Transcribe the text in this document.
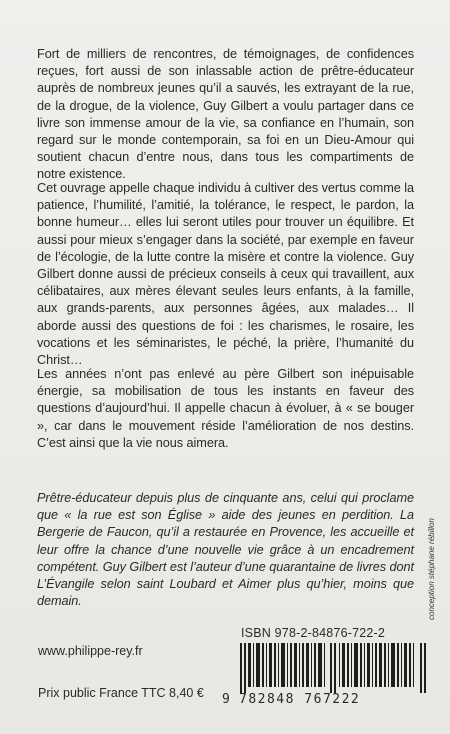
Fort de milliers de rencontres, de témoignages, de confidences reçues, fort aussi de son inlassable action de prêtre-éducateur auprès de nombreux jeunes qu’il a sauvés, les extrayant de la rue, de la drogue, de la violence, Guy Gilbert a voulu partager dans ce livre son immense amour de la vie, sa confiance en l’humain, son regard sur le monde contemporain, sa foi en un Dieu-Amour qui soutient chacun d’entre nous, dans tous les compartiments de notre existence.
Cet ouvrage appelle chaque individu à cultiver des vertus comme la patience, l’humilité, l’amitié, la tolérance, le respect, le pardon, la bonne humeur… elles lui seront utiles pour trouver un équilibre. Et aussi pour mieux s’engager dans la société, par exemple en faveur de l’écologie, de la lutte contre la misère et contre la violence. Guy Gilbert donne aussi de précieux conseils à ceux qui travaillent, aux célibataires, aux mères élevant seules leurs enfants, à la famille, aux grands-parents, aux personnes âgées, aux malades… Il aborde aussi des questions de foi : les charismes, le rosaire, les vocations et les séminaristes, le péché, la prière, l’humanité du Christ…
Les années n’ont pas enlevé au père Gilbert son inépuisable énergie, sa mobilisation de tous les instants en faveur des questions d’aujourd’hui. Il appelle chacun à évoluer, à « se bouger », car dans le mouvement réside l’amélioration de nos destins. C’est ainsi que la vie nous aimera.
Prêtre-éducateur depuis plus de cinquante ans, celui qui proclame que « la rue est son Église » aide des jeunes en perdition. La Bergerie de Faucon, qu’il a restaurée en Provence, les accueille et leur offre la chance d’une nouvelle vie grâce à un encadrement compétent. Guy Gilbert est l’auteur d’une quarantaine de livres dont L’Évangile selon saint Loubard et Aimer plus qu’hier, moins que demain.
www.philippe-rey.fr
Prix public France TTC 8,40 €
ISBN 978-2-84876-722-2
9 782848 767222
conception stéphane rébillon
